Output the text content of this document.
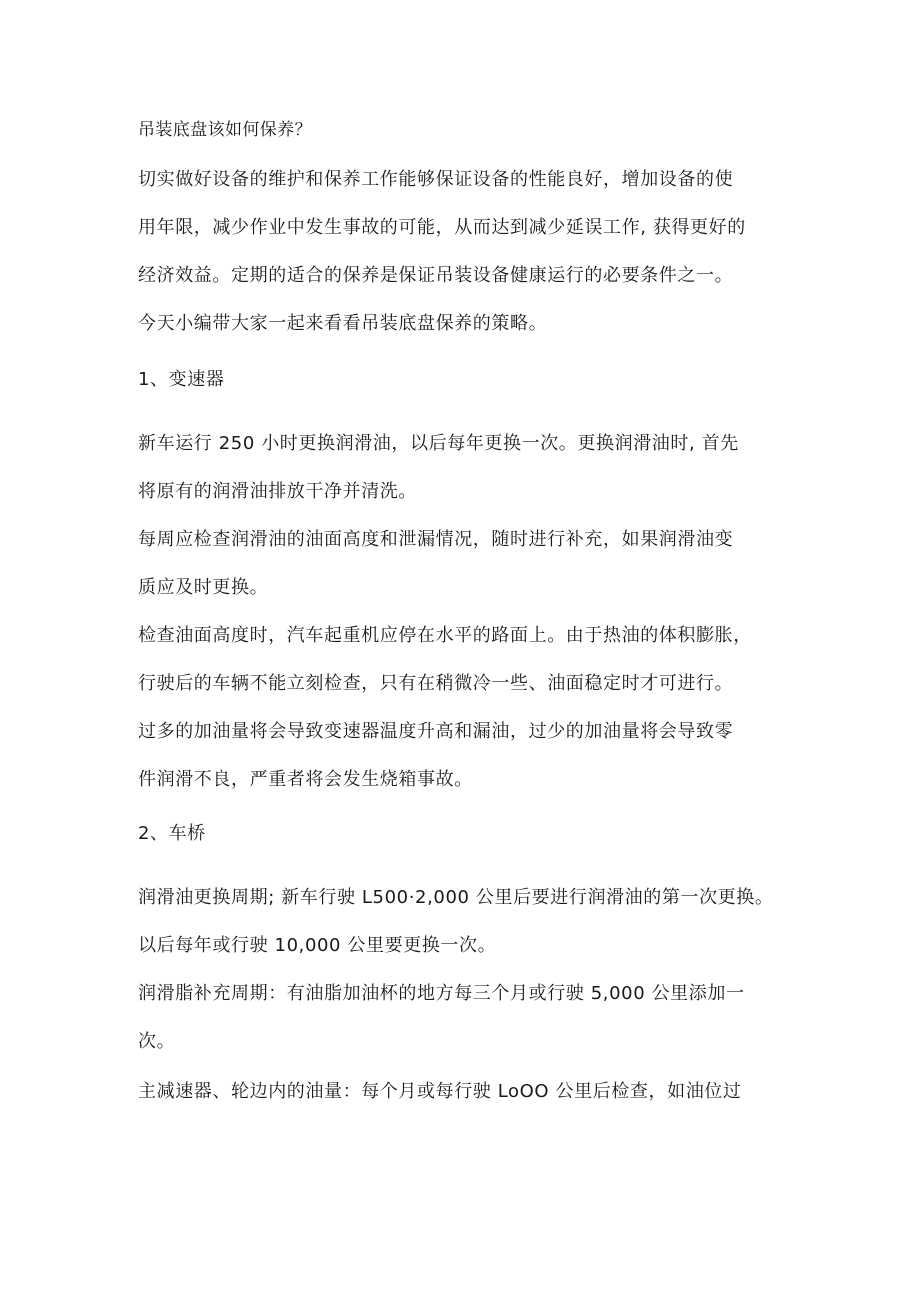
吊装底盘该如何保养？
切实做好设备的维护和保养工作能够保证设备的性能良好，增加设备的使
用年限，减少作业中发生事故的可能，从而达到减少延误工作, 获得更好的
经济效益。定期的适合的保养是保证吊装设备健康运行的必要条件之一。
今天小编带大家一起来看看吊装底盘保养的策略。
1、变速器
新车运行 250 小时更换润滑油，以后每年更换一次。更换润滑油时, 首先
将原有的润滑油排放干净并清洗。
每周应检查润滑油的油面高度和泄漏情况，随时进行补充，如果润滑油变
质应及时更换。
检查油面高度时，汽车起重机应停在水平的路面上。由于热油的体积膨胀，
行驶后的车辆不能立刻检查，只有在稍微冷一些、油面稳定时才可进行。
过多的加油量将会导致变速器温度升高和漏油，过少的加油量将会导致零
件润滑不良，严重者将会发生烧箱事故。
2、车桥
润滑油更换周期; 新车行驶 L500·2,000 公里后要进行润滑油的第一次更换。
以后每年或行驶 10,000 公里要更换一次。
润滑脂补充周期：有油脂加油杯的地方每三个月或行驶 5,000 公里添加一
次。
主减速器、轮边内的油量：每个月或每行驶 LoOO 公里后检查，如油位过
